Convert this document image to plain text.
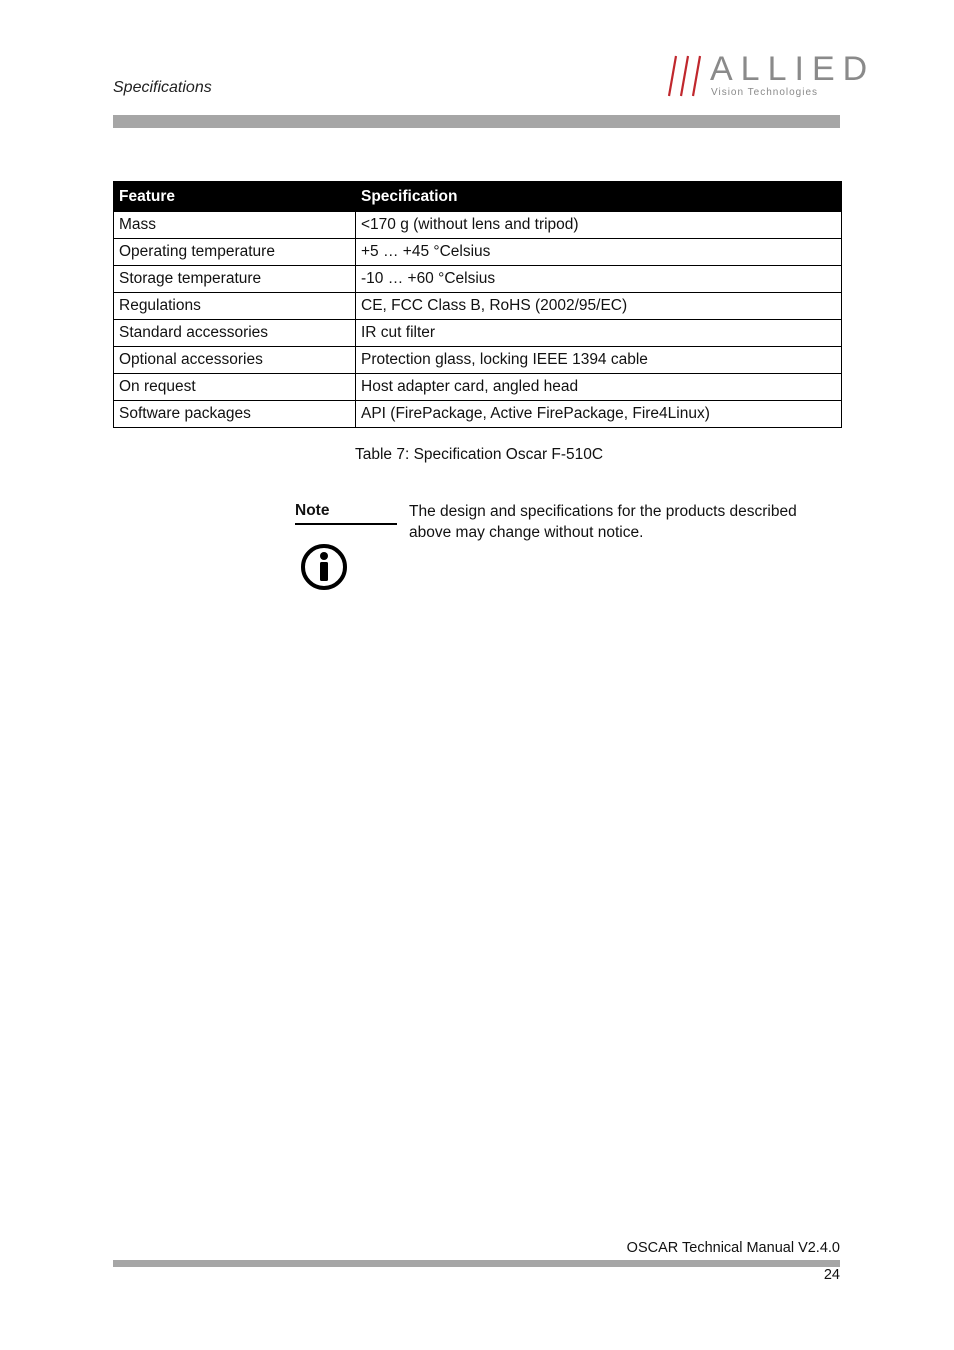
Specifications	ALLIED
Vision Technologies
Feature	Specification
Mass	<170 g (without lens and tripod)
Operating temperature	+5 … +45 °Celsius
Storage temperature	-10 … +60 °Celsius
Regulations	CE, FCC Class B, RoHS (2002/95/EC)
Standard accessories	IR cut filter
Optional accessories	Protection glass, locking IEEE 1394 cable
On request	Host adapter card, angled head
Software packages	API (FirePackage, Active FirePackage, Fire4Linux)
Table 7: Specification Oscar F-510C
Note	The design and specifications for the products described above may change without notice.
OSCAR Technical Manual V2.4.0
24
